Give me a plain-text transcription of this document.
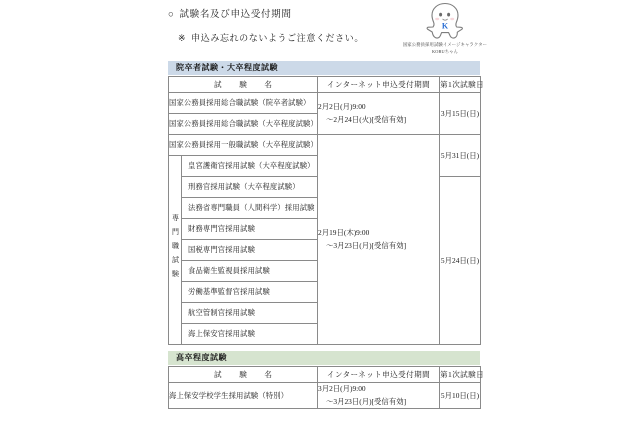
○ 試験名及び申込受付期間
※ 申込み忘れのないようご注意ください。
K
国家公務員採用試験イメージキャラクター
KOBUちゃん
院卒者試験・大卒程度試験
試　験　名		インターネット申込受付期間	第1次試験日
国家公務員採用総合職試験（院卒者試験）		2月2日(月)9:00
～2月24日(火)[受信有効]	3月15日(日)
国家公務員採用総合職試験（大卒程度試験）			
国家公務員採用一般職試験（大卒程度試験）		2月19日(木)9:00
～3月23日(月)[受信有効]	5月31日(日)
専門職試験	皇宮護衛官採用試験（大卒程度試験）		
	刑務官採用試験（大卒程度試験）		5月24日(日)
	法務省専門職員（人間科学）採用試験		
	財務専門官採用試験		
	国税専門官採用試験		
	食品衛生監視員採用試験		
	労働基準監督官採用試験		
	航空管制官採用試験		
	海上保安官採用試験		
高卒程度試験
試　験　名	インターネット申込受付期間	第1次試験日
海上保安学校学生採用試験（特別）	3月2日(月)9:00
～3月23日(月)[受信有効]	5月10日(日)
